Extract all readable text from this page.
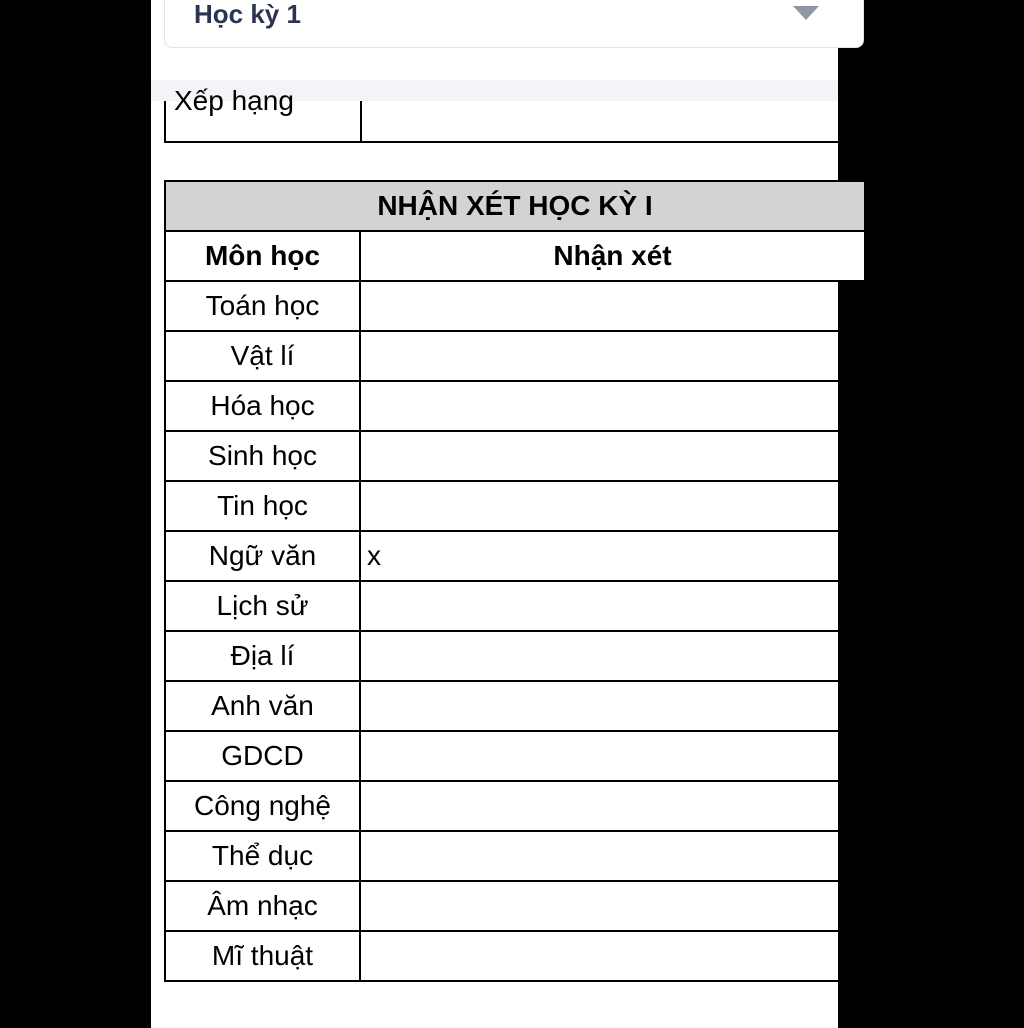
Học kỳ 1
Xếp hạng
NHẬN XÉT HỌC KỲ I	
Môn học	Nhận xét
Toán học	
Vật lí	
Hóa học	
Sinh học	
Tin học	
Ngữ văn	x
Lịch sử	
Địa lí	
Anh văn	
GDCD	
Công nghệ	
Thể dục	
Âm nhạc	
Mĩ thuật	
